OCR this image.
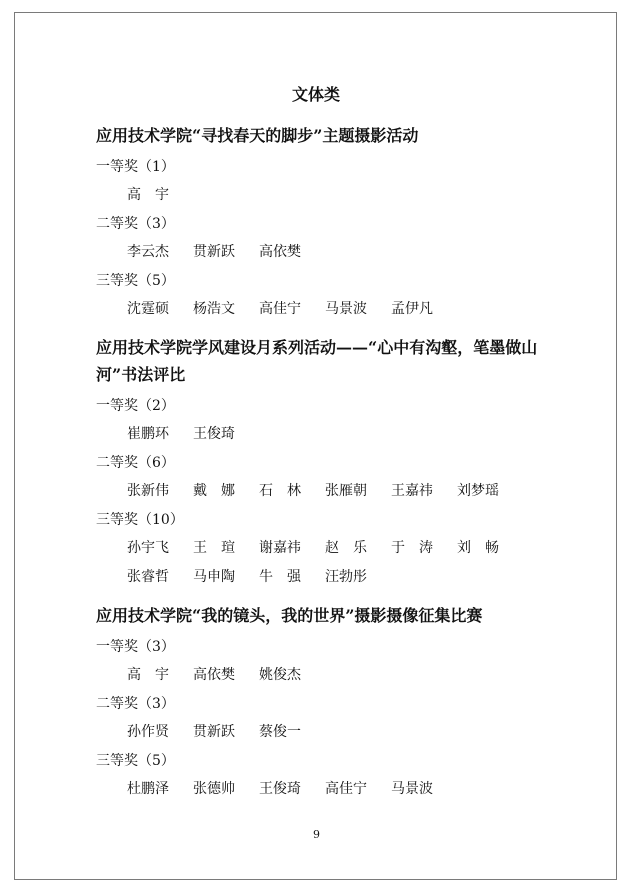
文体类
应用技术学院“寻找春天的脚步”主题摄影活动
一等奖（1）
高　宇
二等奖（3）
李云杰 贯新跃 高依樊
三等奖（5）
沈霆硕 杨浩文 高佳宁 马景波 孟伊凡
应用技术学院学风建设月系列活动——“心中有沟壑，笔墨做山河”书法评比
一等奖（2）
崔鹏环 王俊琦
二等奖（6）
张新伟 戴　娜 石　林 张雁朝 王嘉祎 刘梦瑶
三等奖（10）
孙宇飞 王　瑄 谢嘉祎 赵　乐 于　涛 刘　畅
张睿哲 马申陶 牛　强 汪勃彤
应用技术学院“我的镜头，我的世界”摄影摄像征集比赛
一等奖（3）
高　宇 高依樊 姚俊杰
二等奖（3）
孙作贤 贯新跃 蔡俊一
三等奖（5）
杜鹏泽 张德帅 王俊琦 高佳宁 马景波
9
